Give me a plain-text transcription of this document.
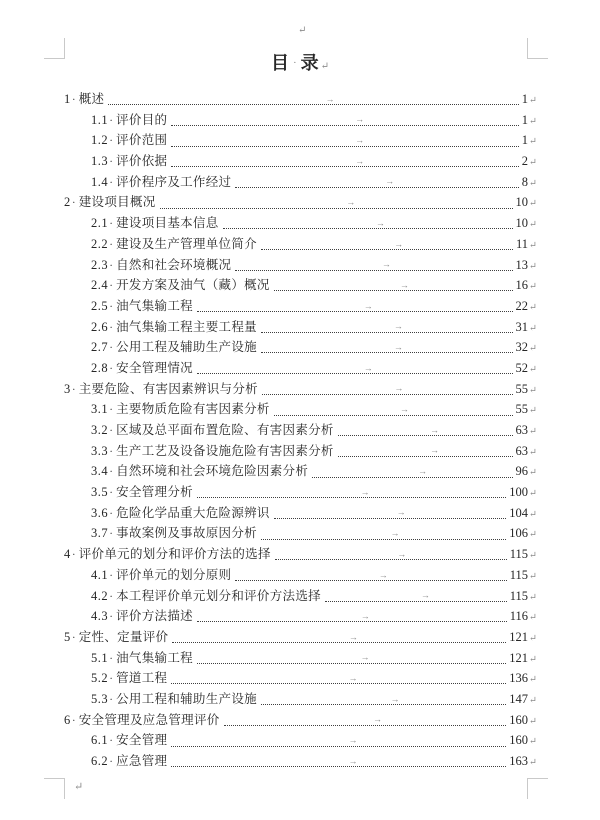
↵
目 · 录↵
1 · 概述	→	1 ↵
1.1 · 评价目的	→	1 ↵
1.2 · 评价范围	→	1 ↵
1.3 · 评价依据	→	2 ↵
1.4 · 评价程序及工作经过	→	8 ↵
2 · 建设项目概况	→	10 ↵
2.1 · 建设项目基本信息	→	10 ↵
2.2 · 建设及生产管理单位简介	→	11 ↵
2.3 · 自然和社会环境概况	→	13 ↵
2.4 · 开发方案及油气（藏）概况	→	16 ↵
2.5 · 油气集输工程	→	22 ↵
2.6 · 油气集输工程主要工程量	→	31 ↵
2.7 · 公用工程及辅助生产设施	→	32 ↵
2.8 · 安全管理情况	→	52 ↵
3 · 主要危险、有害因素辨识与分析	→	55 ↵
3.1 · 主要物质危险有害因素分析	→	55 ↵
3.2 · 区域及总平面布置危险、有害因素分析	→	63 ↵
3.3 · 生产工艺及设备设施危险有害因素分析	→	63 ↵
3.4 · 自然环境和社会环境危险因素分析	→	96 ↵
3.5 · 安全管理分析	→	100 ↵
3.6 · 危险化学品重大危险源辨识	→	104 ↵
3.7 · 事故案例及事故原因分析	→	106 ↵
4 · 评价单元的划分和评价方法的选择	→	115 ↵
4.1 · 评价单元的划分原则	→	115 ↵
4.2 · 本工程评价单元划分和评价方法选择	→	115 ↵
4.3 · 评价方法描述	→	116 ↵
5 · 定性、定量评价	→	121 ↵
5.1 · 油气集输工程	→	121 ↵
5.2 · 管道工程	→	136 ↵
5.3 · 公用工程和辅助生产设施	→	147 ↵
6 · 安全管理及应急管理评价	→	160 ↵
6.1 · 安全管理	→	160 ↵
6.2 · 应急管理	→	163 ↵
↵
